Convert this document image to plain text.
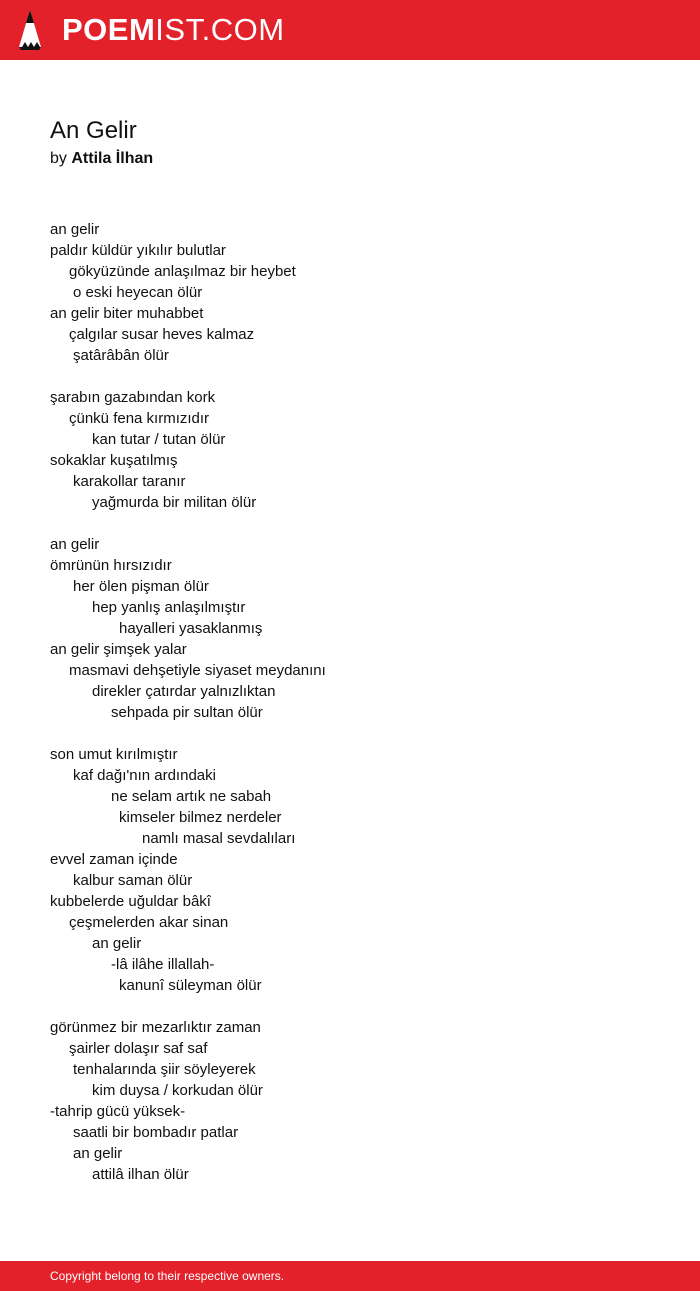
POEMIST.COM
An Gelir
by Attila İlhan
an gelir
paldır küldür yıkılır bulutlar
gökyüzünde anlaşılmaz bir heybet
o eski heyecan ölür
an gelir biter muhabbet
çalgılar susar heves kalmaz
şatârâbân ölür
şarabın gazabından kork
çünkü fena kırmızıdır
kan tutar / tutan ölür
sokaklar kuşatılmış
karakollar taranır
yağmurda bir militan ölür
an gelir
ömrünün hırsızıdır
her ölen pişman ölür
hep yanlış anlaşılmıştır
hayalleri yasaklanmış
an gelir şimşek yalar
masmavi dehşetiyle siyaset meydanını
direkler çatırdar yalnızlıktan
sehpada pir sultan ölür
son umut kırılmıştır
kaf dağı'nın ardındaki
ne selam artık ne sabah
kimseler bilmez nerdeler
namlı masal sevdalıları
evvel zaman içinde
kalbur saman ölür
kubbelerde uğuldar bâkî
çeşmelerden akar sinan
an gelir
-lâ ilâhe illallah-
kanunî süleyman ölür
görünmez bir mezarlıktır zaman
şairler dolaşır saf saf
tenhalarında şiir söyleyerek
kim duysa / korkudan ölür
-tahrip gücü yüksek-
saatli bir bombadır patlar
an gelir
attilâ ilhan ölür
Copyright belong to their respective owners.
